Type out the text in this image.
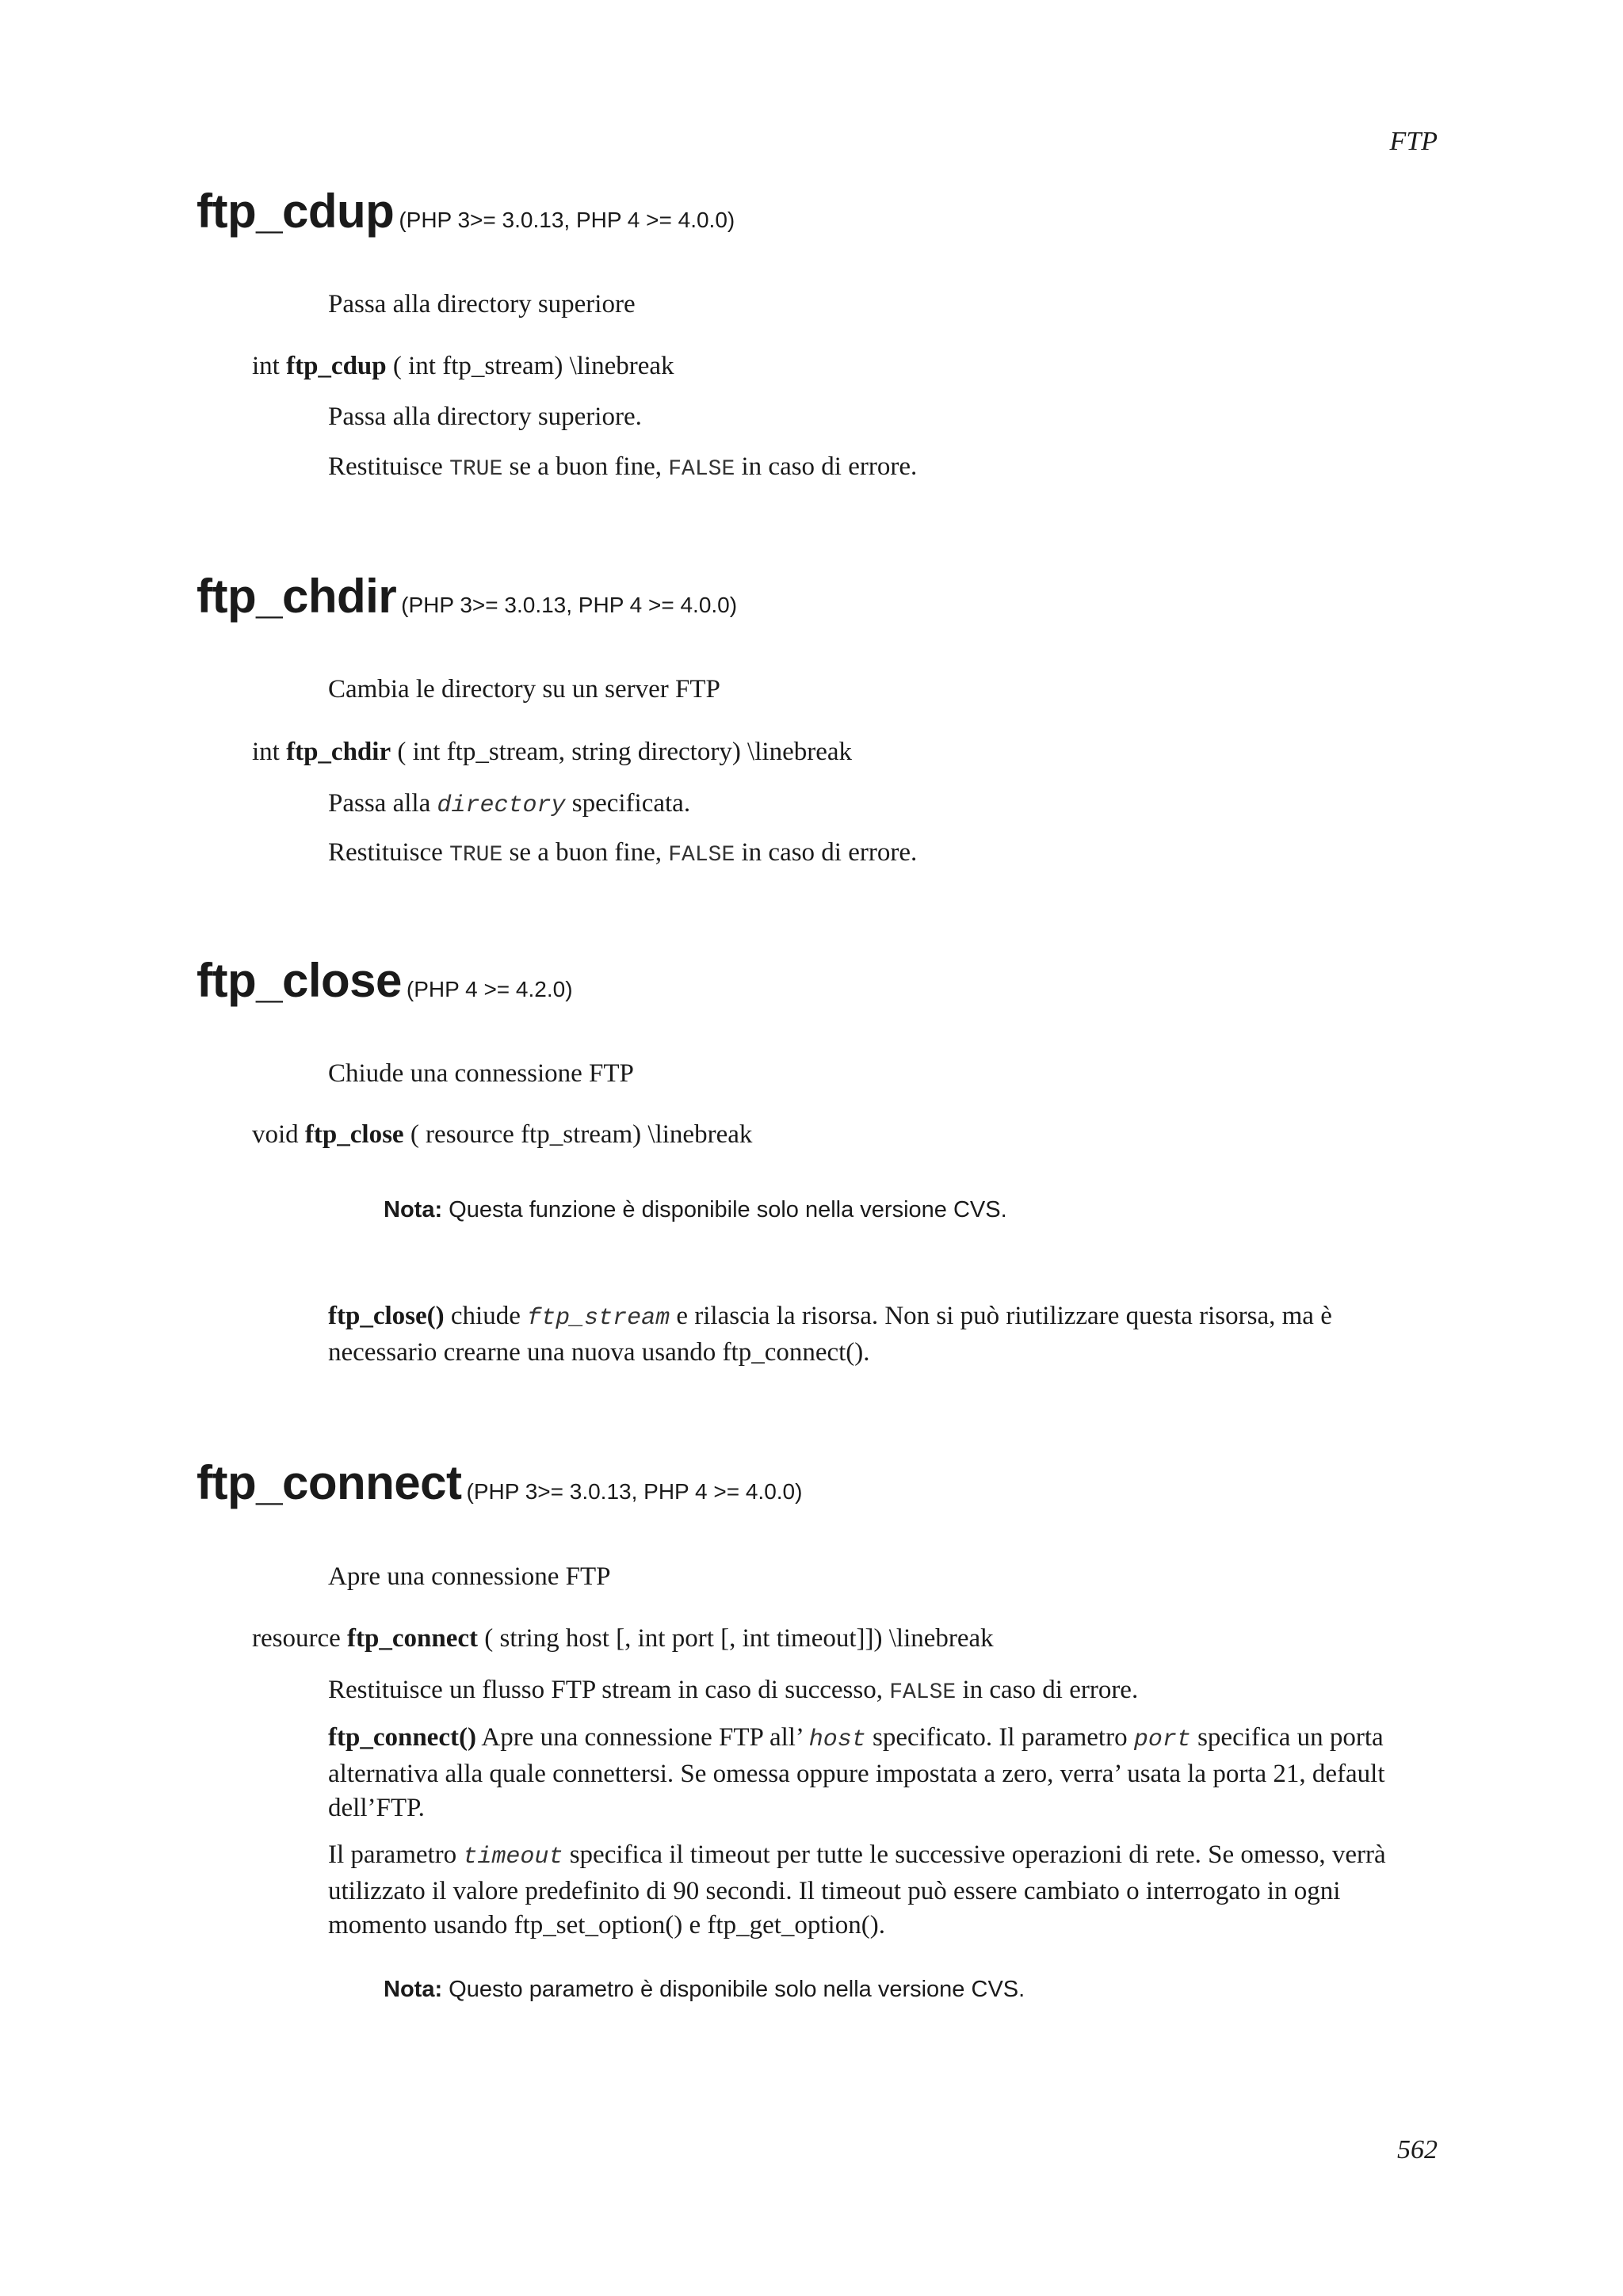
FTP
ftp_cdup (PHP 3>= 3.0.13, PHP 4 >= 4.0.0)
Passa alla directory superiore
int ftp_cdup ( int ftp_stream) \linebreak
Passa alla directory superiore.
Restituisce TRUE se a buon fine, FALSE in caso di errore.
ftp_chdir (PHP 3>= 3.0.13, PHP 4 >= 4.0.0)
Cambia le directory su un server FTP
int ftp_chdir ( int ftp_stream, string directory) \linebreak
Passa alla directory specificata.
Restituisce TRUE se a buon fine, FALSE in caso di errore.
ftp_close (PHP 4 >= 4.2.0)
Chiude una connessione FTP
void ftp_close ( resource ftp_stream) \linebreak
Nota: Questa funzione è disponibile solo nella versione CVS.
ftp_close() chiude ftp_stream e rilascia la risorsa. Non si può riutilizzare questa risorsa, ma è necessario crearne una nuova usando ftp_connect().
ftp_connect (PHP 3>= 3.0.13, PHP 4 >= 4.0.0)
Apre una connessione FTP
resource ftp_connect ( string host [, int port [, int timeout]]) \linebreak
Restituisce un flusso FTP stream in caso di successo, FALSE in caso di errore.
ftp_connect() Apre una connessione FTP all’ host specificato. Il parametro port specifica un porta alternativa alla quale connettersi. Se omessa oppure impostata a zero, verra’ usata la porta 21, default dell’FTP.
Il parametro timeout specifica il timeout per tutte le successive operazioni di rete. Se omesso, verrà utilizzato il valore predefinito di 90 secondi. Il timeout può essere cambiato o interrogato in ogni momento usando ftp_set_option() e ftp_get_option().
Nota: Questo parametro è disponibile solo nella versione CVS.
562
